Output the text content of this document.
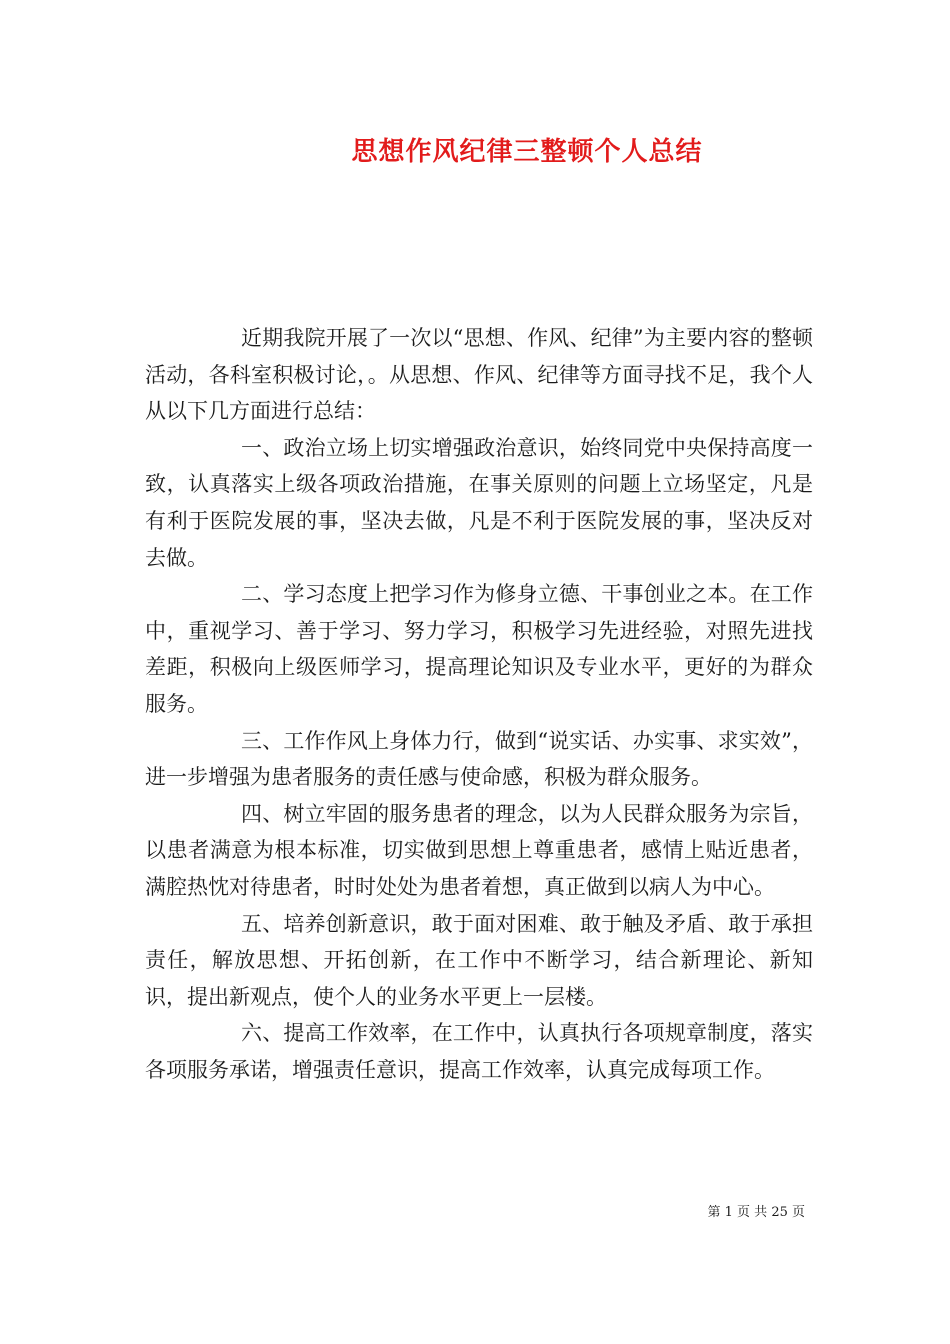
思想作风纪律三整顿个人总结

近期我院开展了一次以“思想、作风、纪律”为主要内容的整顿活动，各科室积极讨论，。从思想、作风、纪律等方面寻找不足，我个人从以下几方面进行总结：

一、政治立场上切实增强政治意识，始终同党中央保持高度一致，认真落实上级各项政治措施，在事关原则的问题上立场坚定，凡是有利于医院发展的事，坚决去做，凡是不利于医院发展的事，坚决反对去做。

二、学习态度上把学习作为修身立德、干事创业之本。在工作中，重视学习、善于学习、努力学习，积极学习先进经验，对照先进找差距，积极向上级医师学习，提高理论知识及专业水平，更好的为群众服务。

三、工作作风上身体力行，做到“说实话、办实事、求实效”，进一步增强为患者服务的责任感与使命感，积极为群众服务。

四、树立牢固的服务患者的理念，以为人民群众服务为宗旨，以患者满意为根本标准，切实做到思想上尊重患者，感情上贴近患者，满腔热忱对待患者，时时处处为患者着想，真正做到以病人为中心。

五、培养创新意识，敢于面对困难、敢于触及矛盾、敢于承担责任，解放思想、开拓创新，在工作中不断学习，结合新理论、新知识，提出新观点，使个人的业务水平更上一层楼。

六、提高工作效率，在工作中，认真执行各项规章制度，落实各项服务承诺，增强责任意识，提高工作效率，认真完成每项工作。

第 1 页 共 25 页
